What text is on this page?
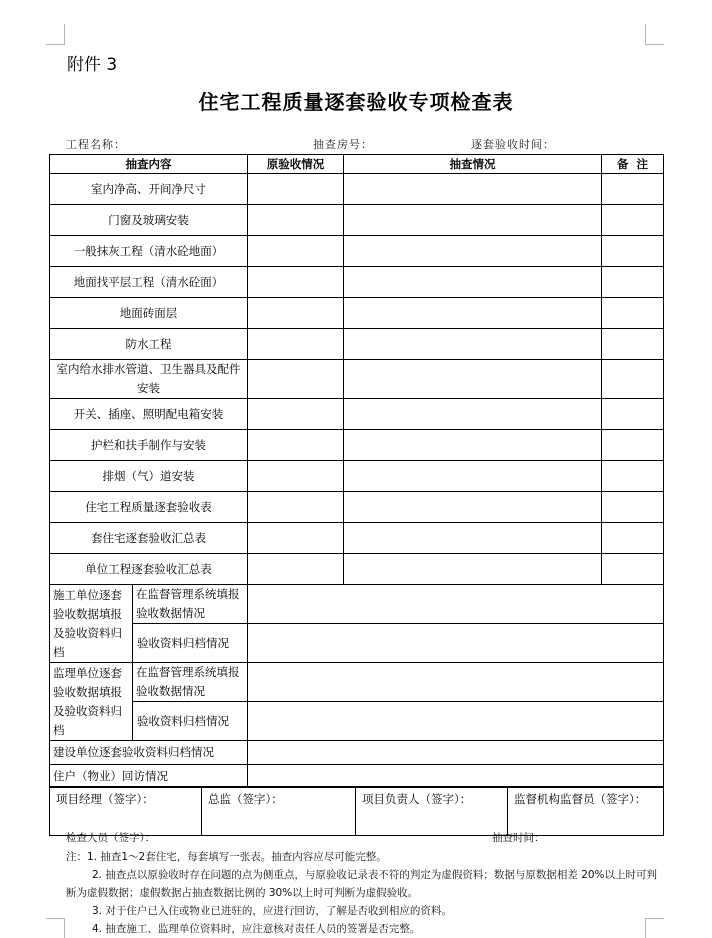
附件 3
住宅工程质量逐套验收专项检查表
工程名称：	抽查房号：	逐套验收时间：
抽查内容		原验收情况	抽查情况	备  注
室内净高、开间净尺寸				
门窗及玻璃安装				
一般抹灰工程（清水砼地面）				
地面找平层工程（清水砼面）				
地面砖面层				
防水工程				
室内给水排水管道、卫生器具及配件安装				
开关、插座、照明配电箱安装				
护栏和扶手制作与安装				
排烟（气）道安装				
住宅工程质量逐套验收表				
套住宅逐套验收汇总表				
单位工程逐套验收汇总表				
施工单位逐套验收数据填报及验收资料归档	在监督管理系统填报验收数据情况			
	验收资料归档情况			
监理单位逐套验收数据填报及验收资料归档	在监督管理系统填报验收数据情况			
	验收资料归档情况			
建设单位逐套验收资料归档情况				
住户（物业）回访情况				
项目经理（签字）：	总监（签字）：	项目负责人（签字）：	监督机构监督员（签字）：
检查人员（签字）：	抽查时间：
注：1. 抽查1～2套住宅，每套填写一张表。抽查内容应尽可能完整。
2. 抽查点以原验收时存在问题的点为侧重点，与原验收记录表不符的判定为虚假资料；数据与原数据相差 20%以上时可判断为虚假数据；虚假数据占抽查数据比例的 30%以上时可判断为虚假验收。
3. 对于住户已入住或物业已进驻的，应进行回访，了解是否收到相应的资料。
4. 抽查施工、监理单位资料时，应注意核对责任人员的签署是否完整。
